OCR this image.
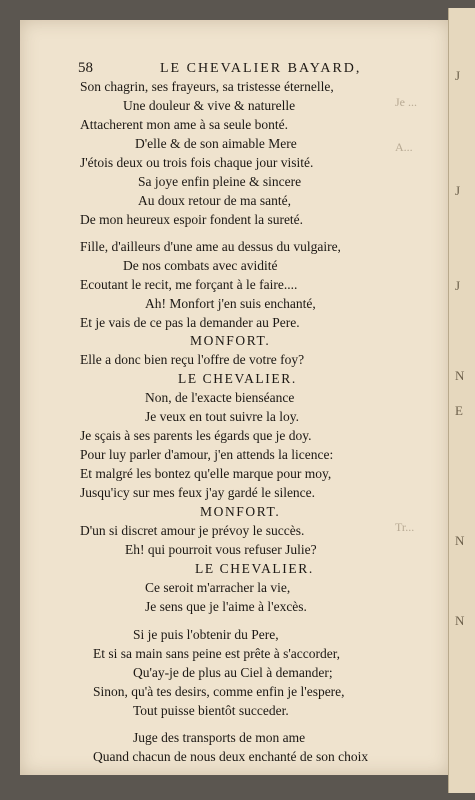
J
J
J
N
E
N
N
Je ...
A...
Tr...
58	LE CHEVALIER BAYARD,
Son chagrin, ses frayeurs, sa tristesse éternelle,
Une douleur & vive & naturelle
Attacherent mon ame à sa seule bonté.
D'elle & de son aimable Mere
J'étois deux ou trois fois chaque jour visité.
Sa joye enfin pleine & sincere
Au doux retour de ma santé,
De mon heureux espoir fondent la sureté.
Fille, d'ailleurs d'une ame au dessus du vulgaire,
De nos combats avec avidité
Ecoutant le recit, me forçant à le faire....
Ah! Monfort j'en suis enchanté,
Et je vais de ce pas la demander au Pere.
MONFORT.
Elle a donc bien reçu l'offre de votre foy?
LE CHEVALIER.
Non, de l'exacte bienséance
Je veux en tout suivre la loy.
Je sçais à ses parents les égards que je doy.
Pour luy parler d'amour, j'en attends la licence:
Et malgré les bontez qu'elle marque pour moy,
Jusqu'icy sur mes feux j'ay gardé le silence.
MONFORT.
D'un si discret amour je prévoy le succès.
Eh! qui pourroit vous refuser Julie?
LE CHEVALIER.
Ce seroit m'arracher la vie,
Je sens que je l'aime à l'excès.
Si je puis l'obtenir du Pere,
Et si sa main sans peine est prête à s'accorder,
Qu'ay-je de plus au Ciel à demander;
Sinon, qu'à tes desirs, comme enfin je l'espere,
Tout puisse bientôt succeder.
Juge des transports de mon ame
Quand chacun de nous deux enchanté de son choix
